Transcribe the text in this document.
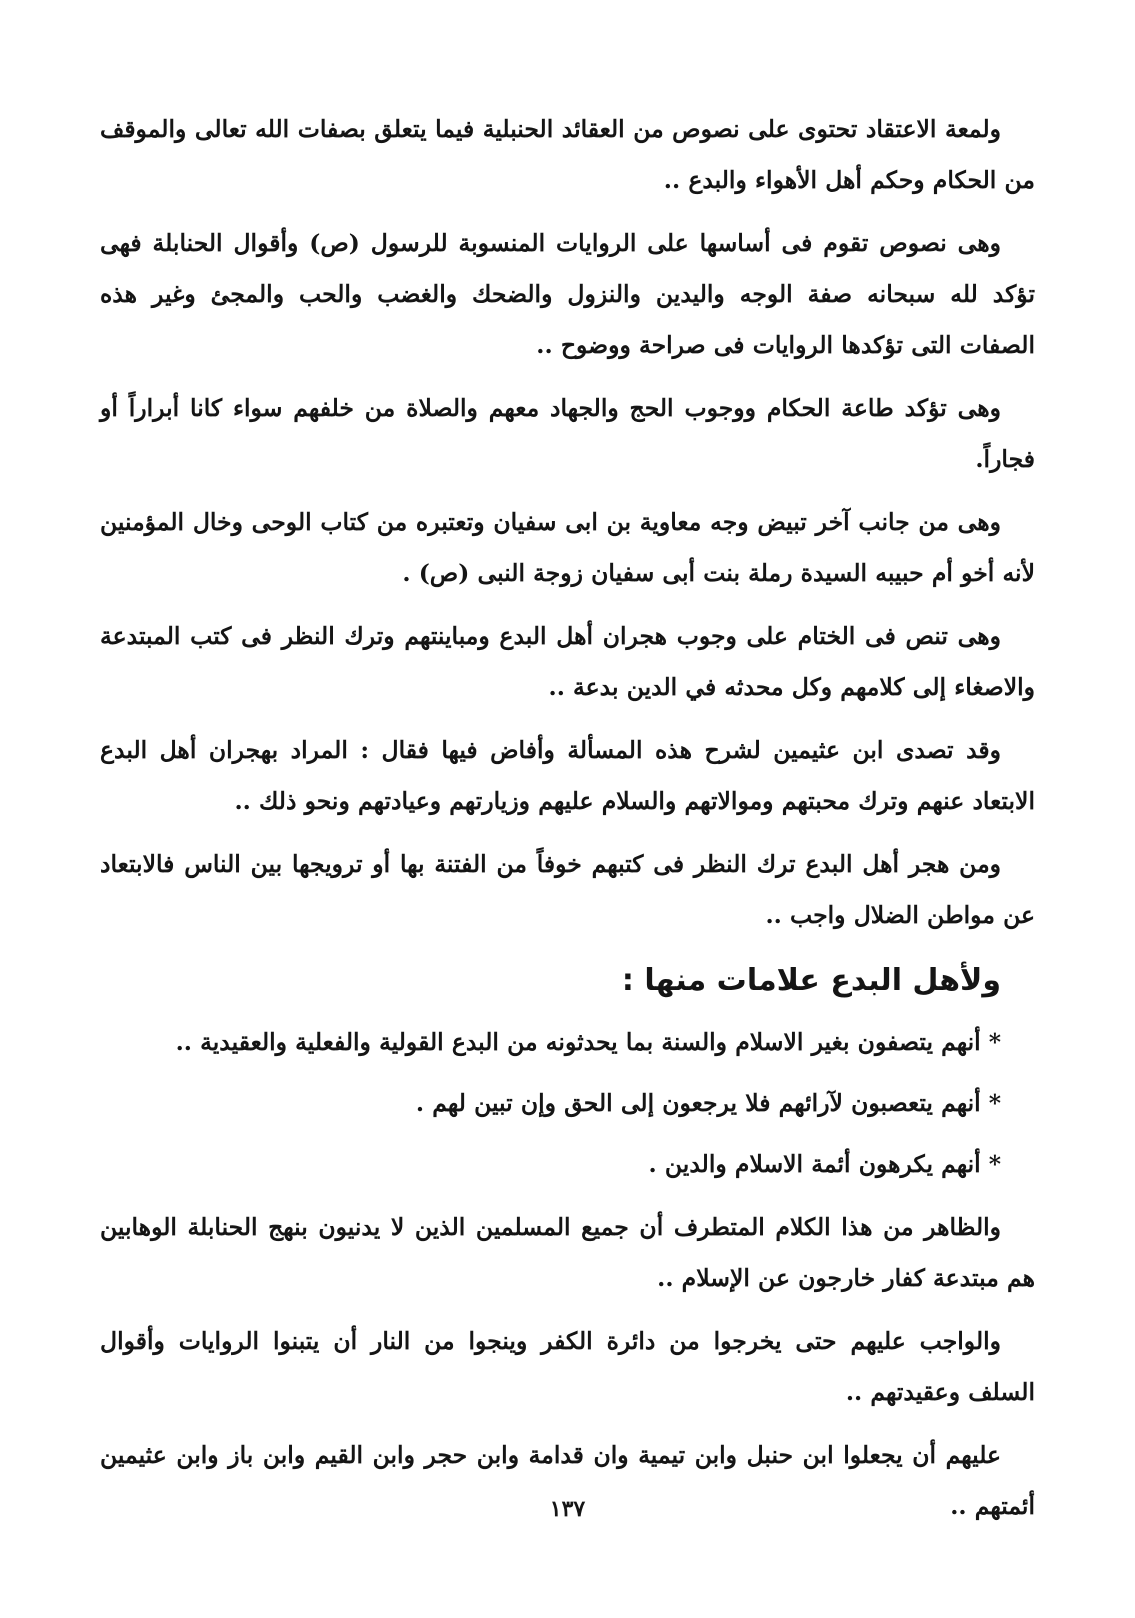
ولمعة الاعتقاد تحتوى على نصوص من العقائد الحنبلية فيما يتعلق بصفات الله تعالى والموقف من الحكام وحكم أهل الأهواء والبدع ..

وهى نصوص تقوم فى أساسها على الروايات المنسوبة للرسول (ص) وأقوال الحنابلة فهى تؤكد لله سبحانه صفة الوجه واليدين والنزول والضحك والغضب والحب والمجئ وغير هذه الصفات التى تؤكدها الروايات فى صراحة ووضوح ..

وهى تؤكد طاعة الحكام ووجوب الحج والجهاد معهم والصلاة من خلفهم سواء كانا أبراراً أو فجاراً.

وهى من جانب آخر تبيض وجه معاوية بن ابى سفيان وتعتبره من كتاب الوحى وخال المؤمنين لأنه أخو أم حبيبه السيدة رملة بنت أبى سفيان زوجة النبى (ص) .

وهى تنص فى الختام على وجوب هجران أهل البدع ومباينتهم وترك النظر فى كتب المبتدعة والاصغاء إلى كلامهم وكل محدثه في الدين بدعة ..

وقد تصدى ابن عثيمين لشرح هذه المسألة وأفاض فيها فقال : المراد بهجران أهل البدع الابتعاد عنهم وترك محبتهم وموالاتهم والسلام عليهم وزيارتهم وعيادتهم ونحو ذلك ..

ومن هجر أهل البدع ترك النظر فى كتبهم خوفاً من الفتنة بها أو ترويجها بين الناس فالابتعاد عن مواطن الضلال واجب ..

ولأهل البدع علامات منها :
*أنهم يتصفون بغير الاسلام والسنة بما يحدثونه من البدع القولية والفعلية والعقيدية ..
*أنهم يتعصبون لآرائهم فلا يرجعون إلى الحق وإن تبين لهم .
*أنهم يكرهون أئمة الاسلام والدين .

والظاهر من هذا الكلام المتطرف أن جميع المسلمين الذين لا يدنيون بنهج الحنابلة الوهابين هم مبتدعة كفار خارجون عن الإسلام ..

والواجب عليهم حتى يخرجوا من دائرة الكفر وينجوا من النار أن يتبنوا الروايات وأقوال السلف وعقيدتهم ..

عليهم أن يجعلوا ابن حنبل وابن تيمية وان قدامة وابن حجر وابن القيم وابن باز وابن عثيمين أئمتهم ..

١٣٧
